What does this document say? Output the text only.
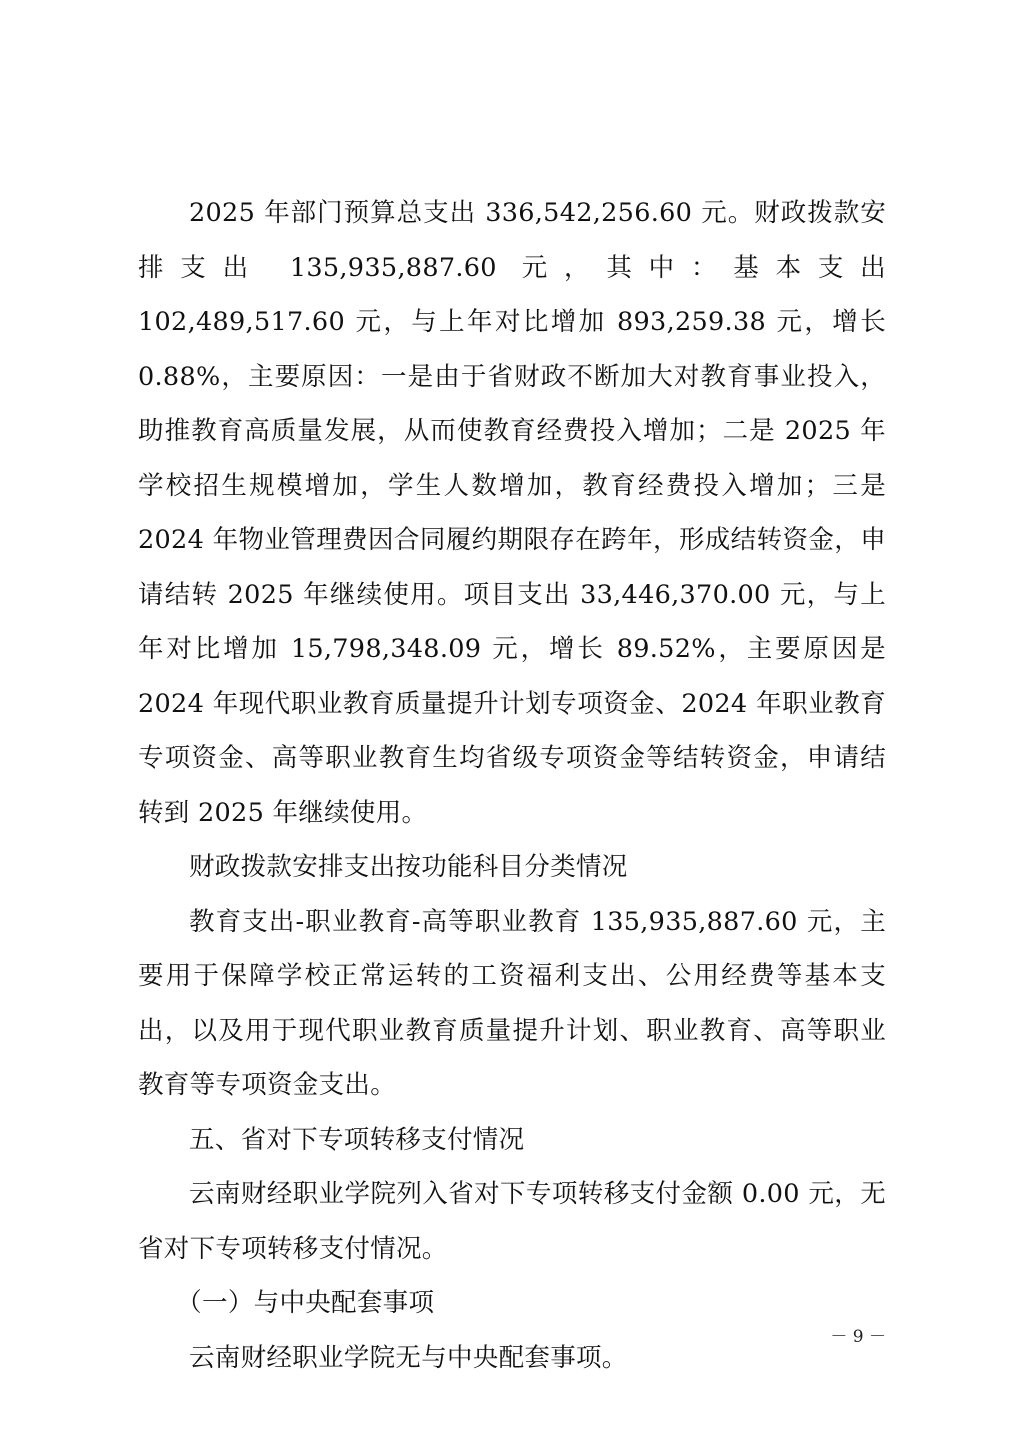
2025 年部门预算总支出 336,542,256.60 元。财政拨款安排支出 135,935,887.60 元，其中：基本支出 102,489,517.60 元，与上年对比增加 893,259.38 元，增长 0.88%，主要原因：一是由于省财政不断加大对教育事业投入，助推教育高质量发展，从而使教育经费投入增加；二是 2025 年学校招生规模增加，学生人数增加，教育经费投入增加；三是 2024 年物业管理费因合同履约期限存在跨年，形成结转资金，申请结转 2025 年继续使用。项目支出 33,446,370.00 元，与上年对比增加 15,798,348.09 元，增长 89.52%，主要原因是 2024 年现代职业教育质量提升计划专项资金、2024 年职业教育专项资金、高等职业教育生均省级专项资金等结转资金，申请结转到 2025 年继续使用。

财政拨款安排支出按功能科目分类情况

教育支出-职业教育-高等职业教育 135,935,887.60 元，主要用于保障学校正常运转的工资福利支出、公用经费等基本支出，以及用于现代职业教育质量提升计划、职业教育、高等职业教育等专项资金支出。

五、省对下专项转移支付情况

云南财经职业学院列入省对下专项转移支付金额 0.00 元，无省对下专项转移支付情况。

（一）与中央配套事项

云南财经职业学院无与中央配套事项。

－ 9 －
